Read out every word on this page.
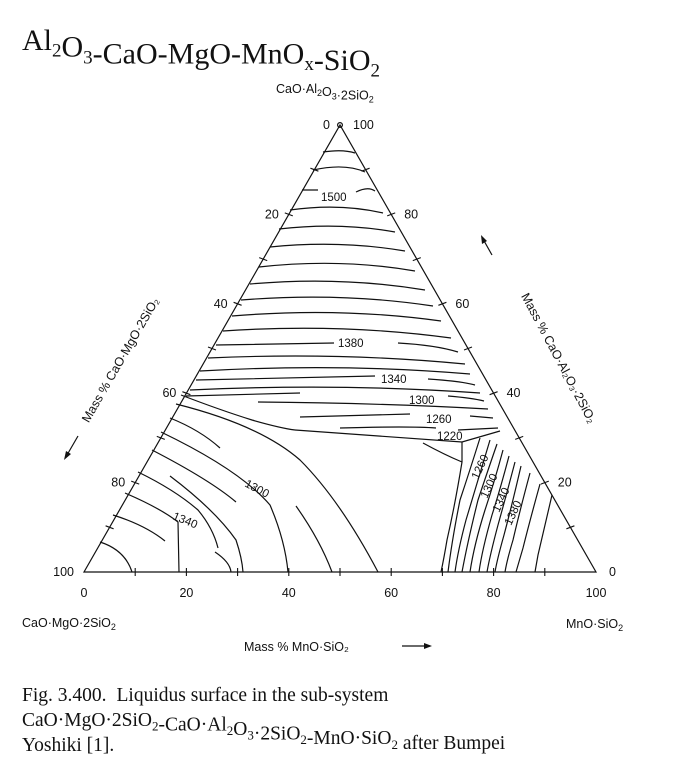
$Al_2O_3-CaO-MgO-MnO_x-SiO_2$
$CaO\cdot Al_2O_3\cdot 2SiO_2$
CaO·MgO·2SiO$_2$	MnO·SiO$_2$
0	20	40	60	80	100
0
20
40
60
80
100
100
80
60
40
20
0
Mass % MnO·SiO₂
Mass % CaO·MgO·2SiO₂	Mass % CaO·Al₂O₃·2SiO₂
1500
1380
1340
1300
1260
1220
1300
1340
1260
1300
1340
1380
Fig. 3.400. Liquidus surface in the sub-system
$CaO\cdot MgO\cdot 2SiO_2-CaO\cdot Al_2O_3\cdot 2SiO_2-MnO\cdot SiO_2$ after Bumpei
Yoshiki [1].
